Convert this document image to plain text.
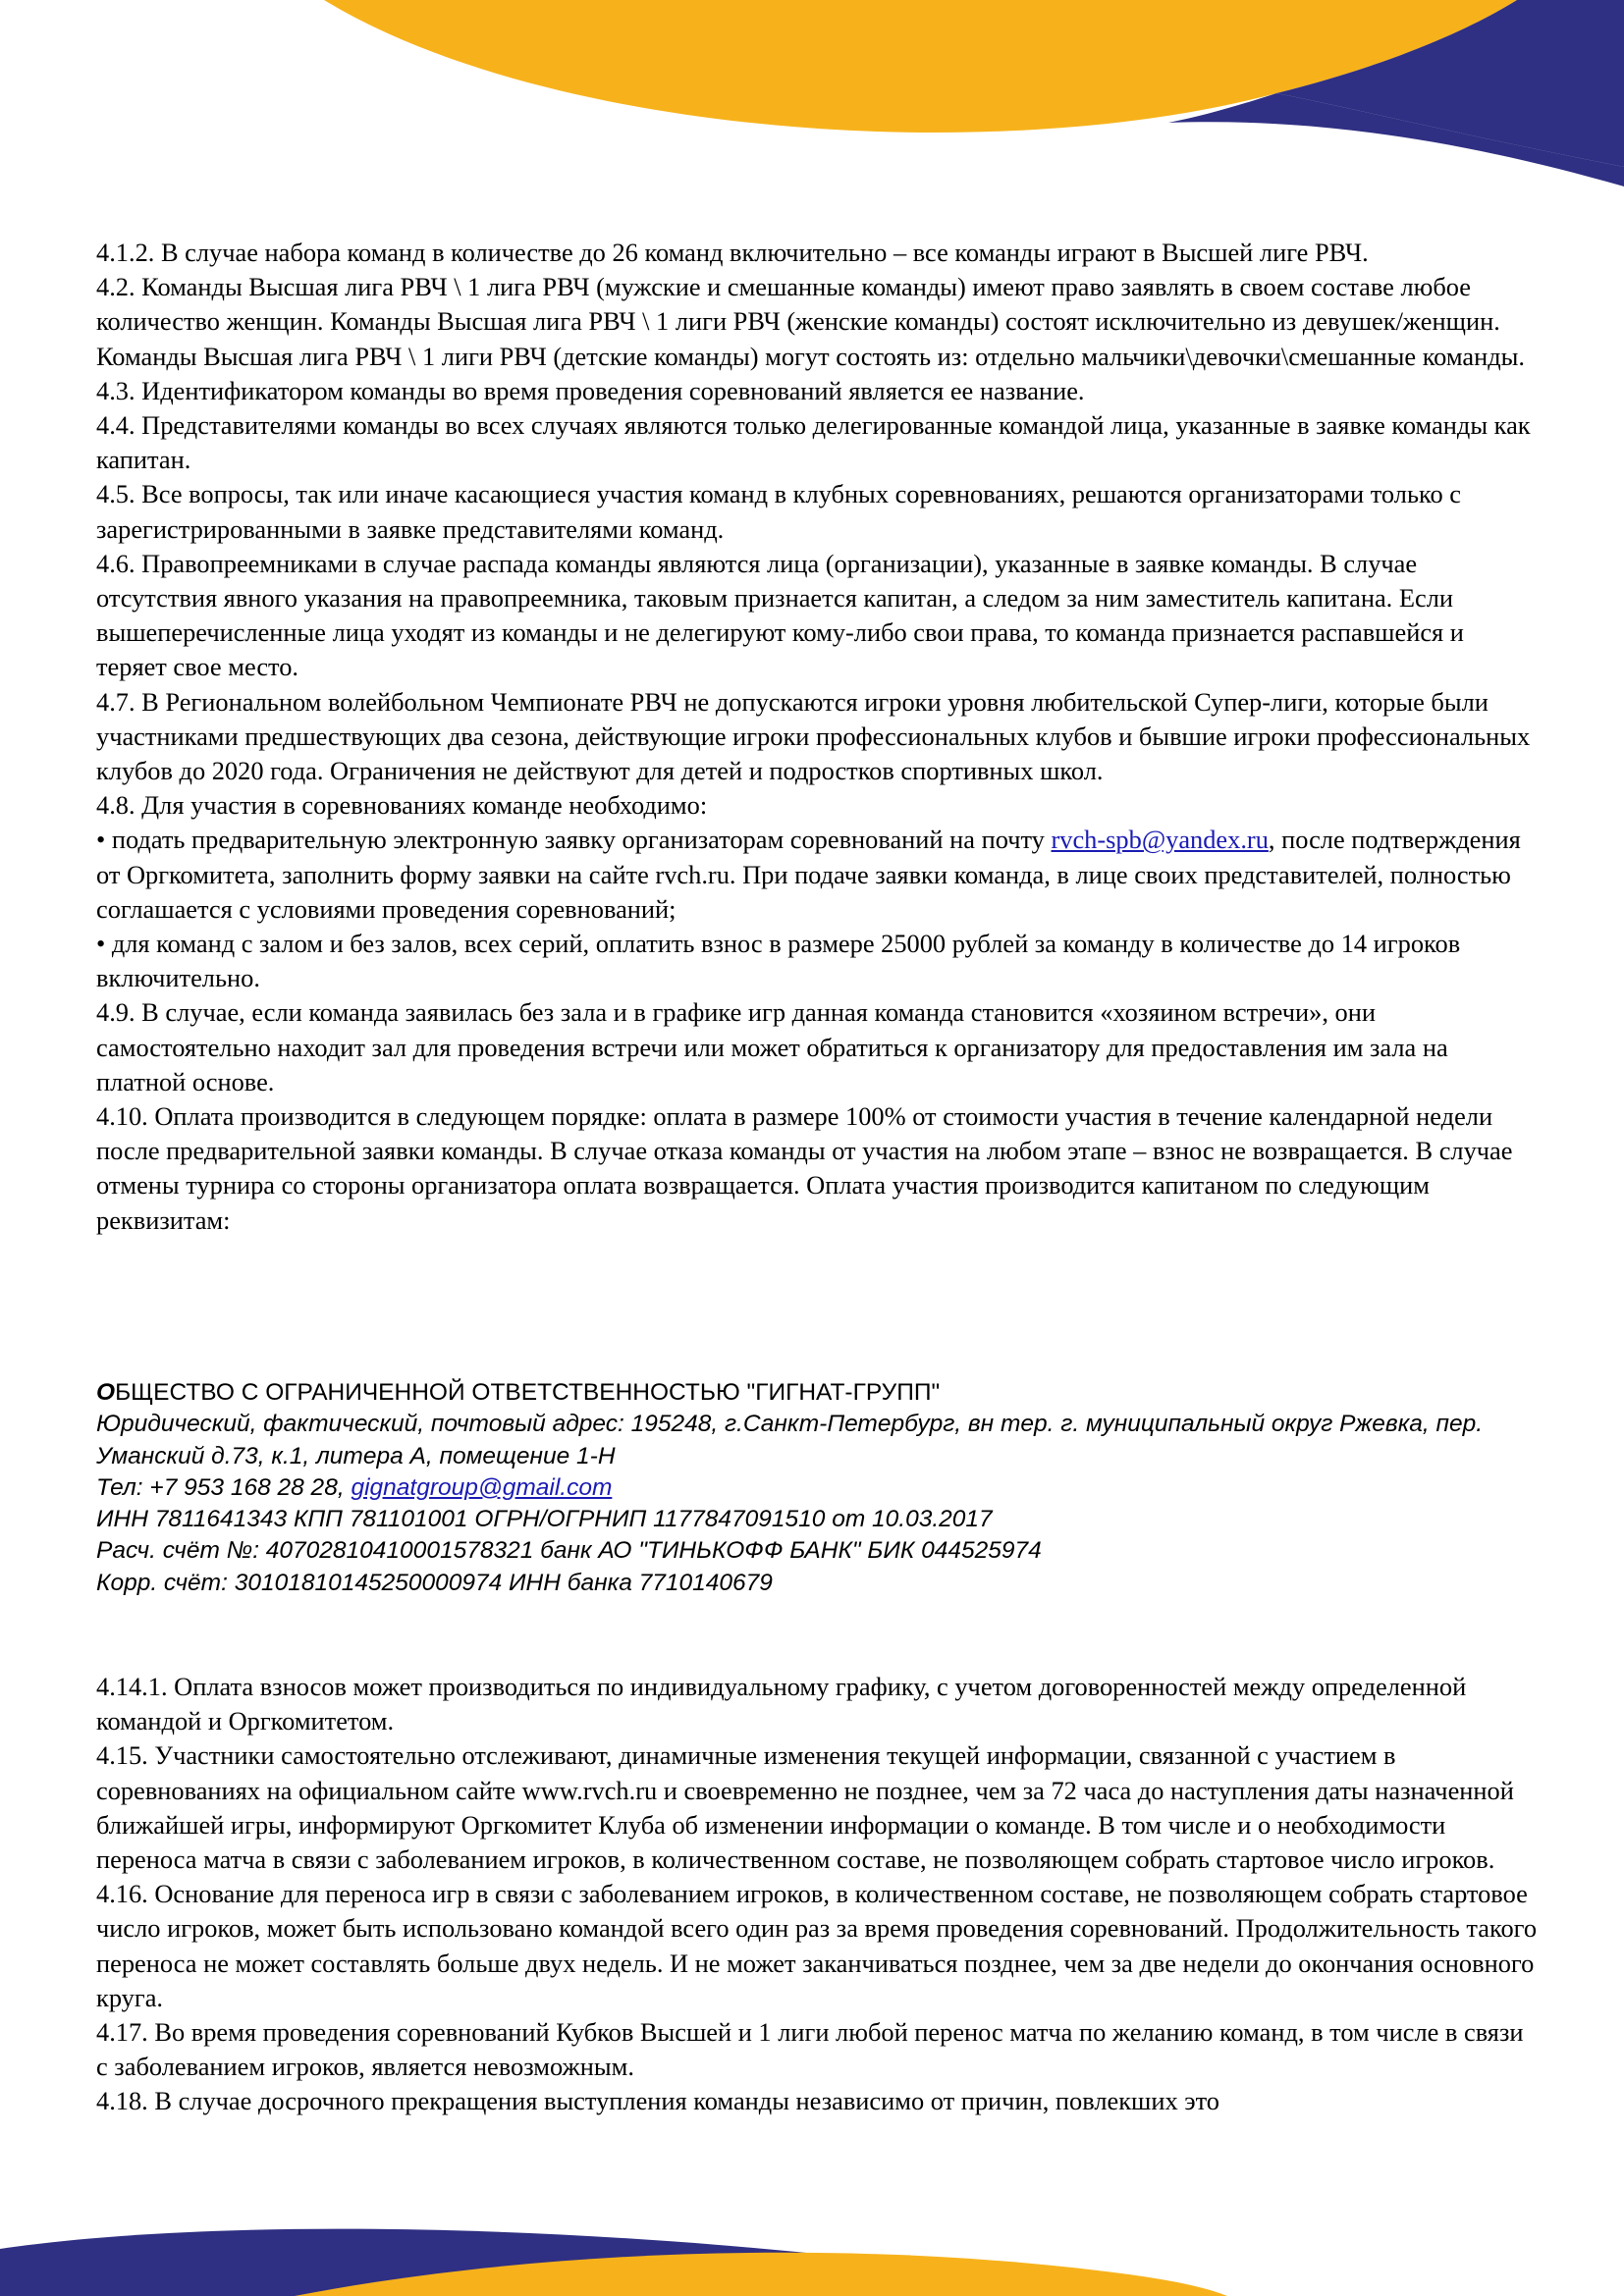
4.1.2. В случае набора команд в количестве до 26 команд включительно – все команды играют в Высшей лиге РВЧ.

4.2. Команды Высшая лига РВЧ \ 1 лига РВЧ (мужские и смешанные команды) имеют право заявлять в своем составе любое количество женщин. Команды Высшая лига РВЧ \ 1 лиги РВЧ (женские команды) состоят исключительно из девушек/женщин. Команды Высшая лига РВЧ \ 1 лиги РВЧ (детские команды) могут состоять из: отдельно мальчики\девочки\смешанные команды.

4.3. Идентификатором команды во время проведения соревнований является ее название.

4.4. Представителями команды во всех случаях являются только делегированные командой лица, указанные в заявке команды как капитан.

4.5. Все вопросы, так или иначе касающиеся участия команд в клубных соревнованиях, решаются организаторами только с зарегистрированными в заявке представителями команд.

4.6. Правопреемниками в случае распада команды являются лица (организации), указанные в заявке команды. В случае отсутствия явного указания на правопреемника, таковым признается капитан, а следом за ним заместитель капитана. Если вышеперечисленные лица уходят из команды и не делегируют кому-либо свои права, то команда признается распавшейся и теряет свое место.

4.7. В Региональном волейбольном Чемпионате РВЧ не допускаются игроки уровня любительской Супер-лиги, которые были участниками предшествующих два сезона, действующие игроки профессиональных клубов и бывшие игроки профессиональных клубов до 2020 года. Ограничения не действуют для детей и подростков спортивных школ.

4.8. Для участия в соревнованиях команде необходимо:

• подать предварительную электронную заявку организаторам соревнований на почту rvch-spb@yandex.ru, после подтверждения от Оргкомитета, заполнить форму заявки на сайте rvch.ru. При подаче заявки команда, в лице своих представителей, полностью соглашается с условиями проведения соревнований;

• для команд с залом и без залов, всех серий, оплатить взнос в размере 25000 рублей за команду в количестве до 14 игроков включительно.

4.9. В случае, если команда заявилась без зала и в графике игр данная команда становится «хозяином встречи», они самостоятельно находит зал для проведения встречи или может обратиться к организатору для предоставления им зала на платной основе.

4.10. Оплата производится в следующем порядке: оплата в размере 100% от стоимости участия в течение календарной недели после предварительной заявки команды. В случае отказа команды от участия на любом этапе – взнос не возвращается. В случае отмены турнира со стороны организатора оплата возвращается. Оплата участия производится капитаном по следующим реквизитам:

ОБЩЕСТВО С ОГРАНИЧЕННОЙ ОТВЕТСТВЕННОСТЬЮ "ГИГНАТ-ГРУПП"

Юридический, фактический, почтовый адрес: 195248, г.Санкт-Петербург, вн тер. г. муниципальный округ Ржевка, пер. Уманский д.73, к.1, литера А, помещение 1-Н

Тел: +7 953 168 28 28, gignatgroup@gmail.com

ИНН 7811641343 КПП 781101001 ОГРН/ОГРНИП 1177847091510 от 10.03.2017

Расч. счёт №: 40702810410001578321 банк АО "ТИНЬКОФФ БАНК" БИК 044525974

Корр. счёт: 30101810145250000974 ИНН банка 7710140679

4.14.1. Оплата взносов может производиться по индивидуальному графику, с учетом договоренностей между определенной командой и Оргкомитетом.

4.15. Участники самостоятельно отслеживают, динамичные изменения текущей информации, связанной с участием в соревнованиях на официальном сайте www.rvch.ru и своевременно не позднее, чем за 72 часа до наступления даты назначенной ближайшей игры, информируют Оргкомитет Клуба об изменении информации о команде. В том числе и о необходимости переноса матча в связи с заболеванием игроков, в количественном составе, не позволяющем собрать стартовое число игроков.

4.16. Основание для переноса игр в связи с заболеванием игроков, в количественном составе, не позволяющем собрать стартовое число игроков, может быть использовано командой всего один раз за время проведения соревнований. Продолжительность такого переноса не может составлять больше двух недель. И не может заканчиваться позднее, чем за две недели до окончания основного круга.

4.17. Во время проведения соревнований Кубков Высшей и 1 лиги любой перенос матча по желанию команд, в том числе в связи с заболеванием игроков, является невозможным.

4.18. В случае досрочного прекращения выступления команды независимо от причин, повлекших это
